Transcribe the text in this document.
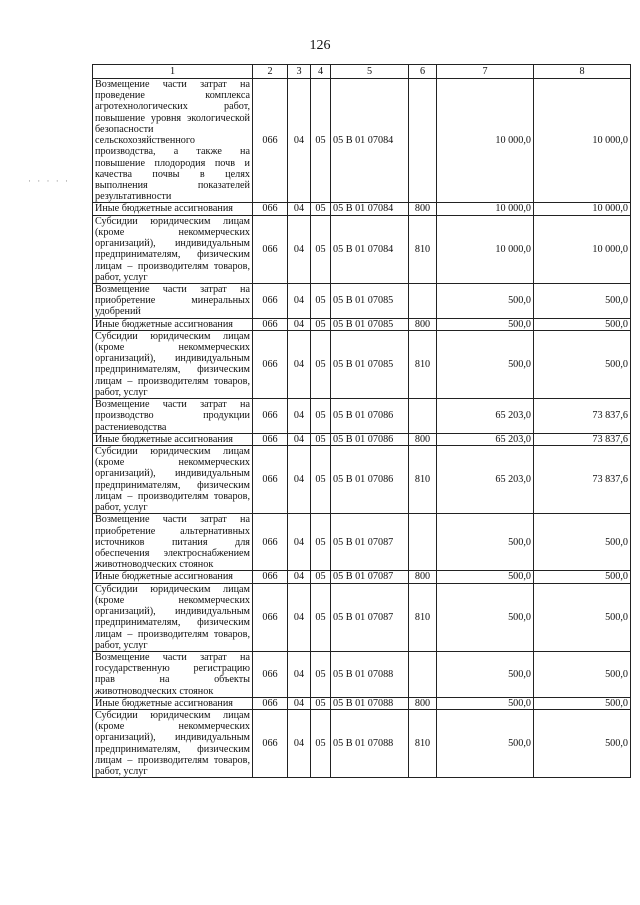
126
· · · · ·
1	2	3	4	5	6	7	8
Возмещение части затрат на проведение комплекса агротехнологических работ, повышение уровня экологической безопасности сельскохозяйственного производства, а также на повышение плодородия почв и качества почвы в целях выполнения показателей результативности	066	04	05	05 В 01 07084		10 000,0	10 000,0
Иные бюджетные ассигнования	066	04	05	05 В 01 07084	800	10 000,0	10 000,0
Субсидии юридическим лицам (кроме некоммерческих организаций), индивидуальным предпринимателям, физическим лицам – производителям товаров, работ, услуг	066	04	05	05 В 01 07084	810	10 000,0	10 000,0
Возмещение части затрат на приобретение минеральных удобрений	066	04	05	05 В 01 07085		500,0	500,0
Иные бюджетные ассигнования	066	04	05	05 В 01 07085	800	500,0	500,0
Субсидии юридическим лицам (кроме некоммерческих организаций), индивидуальным предпринимателям, физическим лицам – производителям товаров, работ, услуг	066	04	05	05 В 01 07085	810	500,0	500,0
Возмещение части затрат на производство продукции растениеводства	066	04	05	05 В 01 07086		65 203,0	73 837,6
Иные бюджетные ассигнования	066	04	05	05 В 01 07086	800	65 203,0	73 837,6
Субсидии юридическим лицам (кроме некоммерческих организаций), индивидуальным предпринимателям, физическим лицам – производителям товаров, работ, услуг	066	04	05	05 В 01 07086	810	65 203,0	73 837,6
Возмещение части затрат на приобретение альтернативных источников питания для обеспечения электроснабжением животноводческих стоянок	066	04	05	05 В 01 07087		500,0	500,0
Иные бюджетные ассигнования	066	04	05	05 В 01 07087	800	500,0	500,0
Субсидии юридическим лицам (кроме некоммерческих организаций), индивидуальным предпринимателям, физическим лицам – производителям товаров, работ, услуг	066	04	05	05 В 01 07087	810	500,0	500,0
Возмещение части затрат на государственную регистрацию прав на объекты животноводческих стоянок	066	04	05	05 В 01 07088		500,0	500,0
Иные бюджетные ассигнования	066	04	05	05 В 01 07088	800	500,0	500,0
Субсидии юридическим лицам (кроме некоммерческих организаций), индивидуальным предпринимателям, физическим лицам – производителям товаров, работ, услуг	066	04	05	05 В 01 07088	810	500,0	500,0
